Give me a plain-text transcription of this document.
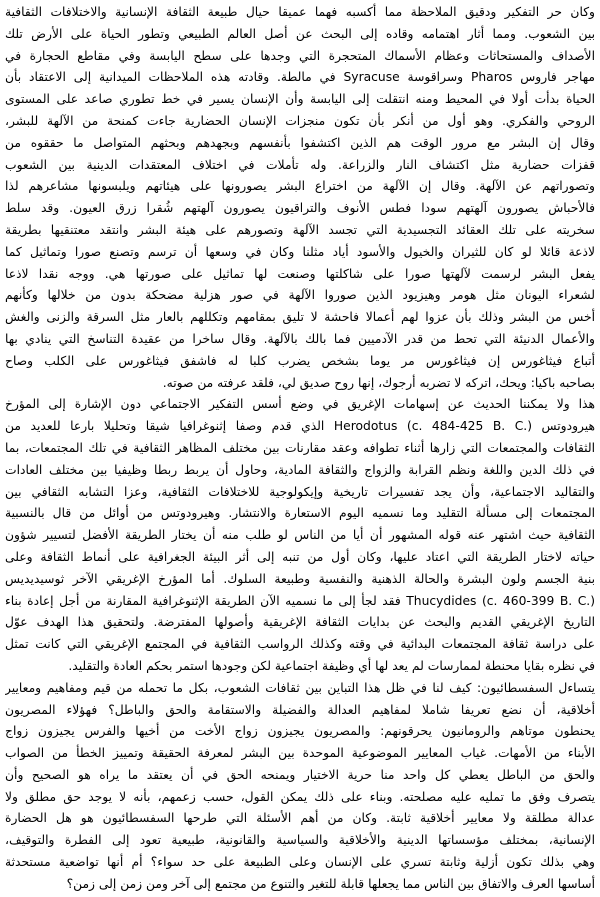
وكان حر التفكير ودقيق الملاحظة مما أكسبه فهما عميقا حيال طبيعة الثقافة الإنسانية والاختلافات الثقافية
بين الشعوب. ومما أثار اهتمامه وقاده إلى البحث عن أصل العالم الطبيعي وتطور الحياة على الأرض تلك
الأصداف والمستحاثات وعظام الأسماك المتحجرة التي وجدها على سطح اليابسة وفي مقاطع الحجارة في
مهاجر فاروس Pharos وسراقوسة Syracuse في مالطة. وقادته هذه الملاحظات الميدانية إلى الاعتقاد بأن
الحياة بدأت أولا في المحيط ومنه انتقلت إلى اليابسة وأن الإنسان يسير في خط تطوري صاعد على المستوى
الروحي والفكري. وهو أول من أنكر بأن تكون منجزات الإنسان الحضارية جاءت كمنحة من الآلهة للبشر،
وقال إن البشر مع مرور الوقت هم الذين اكتشفوا بأنفسهم وبجهدهم وبحثهم المتواصل ما حققوه من
قفزات حضارية مثل اكتشاف النار والزراعة. وله تأملات في اختلاف المعتقدات الدينية بين الشعوب
وتصوراتهم عن الآلهة. وقال إن الآلهة من اختراع البشر يصورونها على هيئاتهم ويلبسونها مشاعرهم لذا
فالأحباش يصورون آلهتهم سودا فطس الأنوف والتراقيون يصورون آلهتهم شُقرا زرق العيون. وقد سلط
سخريته على تلك العقائد التجسيدية التي تجسد الآلهة وتصورهم على هيئة البشر وانتقد معتنقيها بطريقة
لاذعة قائلا لو كان للثيران والخيول والأسود أياد مثلنا وكان في وسعها أن ترسم وتصنع صورا وتماثيل كما
يفعل البشر لرسمت لآلهتها صورا على شاكلتها وصنعت لها تماثيل على صورتها هي. ووجه نقدا لاذعا
لشعراء اليونان مثل هومر وهيزيود الذين صوروا الآلهة في صور هزلية مضحكة بدون من خلالها وكأنهم
أخس من البشر وذلك بأن عزوا لهم أعمالا فاحشة لا تليق بمقامهم وتكللهم بالعار مثل السرقة والزنى والغش
والأعمال الدنيئة التي تحط من قدر الآدميين فما بالك بالآلهة. وقال ساخرا من عقيدة التناسخ التي ينادي بها
أتباع فيثاغورس إن فيثاغورس مر يوما بشخص يضرب كلبا له فاشفق فيثاغورس على الكلب وصاح
بصاحبه باكيا: ويحك، اتركه لا تضربه أرجوك، إنها روح صديق لي، فلقد عرفته من صوته.
هذا ولا يمكننا الحديث عن إسهامات الإغريق في وضع أسس التفكير الاجتماعي دون الإشارة إلى المؤرخ
هيرودوتس Herodotus (c. 484-425 B. C.) الذي قدم وصفا إثنوغرافيا شيقا وتحليلا بارعا للعديد من
الثقافات والمجتمعات التي زارها أثناء تطوافه وعقد مقارنات بين مختلف المظاهر الثقافية في تلك المجتمعات، بما
في ذلك الدين واللغة ونظم القرابة والزواج والثقافة المادية، وحاول أن يربط ربطا وظيفيا بين مختلف العادات
والتقاليد الاجتماعية، وأن يجد تفسيرات تاريخية وإيكولوجية للاختلافات الثقافية، وعزا التشابه الثقافي بين
المجتمعات إلى مسألة التقليد وما نسميه اليوم الاستعارة والانتشار. وهيرودوتس من أوائل من قال بالنسبية
الثقافية حيث اشتهر عنه قوله المشهور أن أيا من الناس لو طلب منه أن يختار الطريقة الأفضل لتسيير شؤون
حياته لاختار الطريقة التي اعتاد عليها، وكان أول من تنبه إلى أثر البيئة الجغرافية على أنماط الثقافة وعلى
بنية الجسم ولون البشرة والحالة الذهنية والنفسية وطبيعة السلوك. أما المؤرخ الإغريقي الآخر ثوسيديديس
Thucydides (c. 460-399 B. C.) فقد لجأ إلى ما نسميه الآن الطريقة الإثنوغرافية المقارنة من أجل إعادة بناء
التاريخ الإغريقي القديم والبحث عن بدايات الثقافة الإغريقية وأصولها المفترضة. ولتحقيق هذا الهدف عوّل
على دراسة ثقافة المجتمعات البدائية في وقته وكذلك الرواسب الثقافية في المجتمع الإغريقي التي كانت تمثل
في نظره بقايا محنطة لممارسات لم يعد لها أي وظيفة اجتماعية لكن وجودها استمر بحكم العادة والتقليد.
يتساءل السفسطائيون: كيف لنا في ظل هذا التباين بين ثقافات الشعوب، بكل ما تحمله من قيم ومفاهيم ومعايير
أخلاقية، أن نضع تعريفا شاملا لمفاهيم العدالة والفضيلة والاستقامة والحق والباطل؟ فهؤلاء المصريون
يحنطون موتاهم والرومانيون يحرقونهم: والمصريون يجيزون زواج الأخت من أخيها والفرس يجيزون زواج
الأبناء من الأمهات. غياب المعايير الموضوعية الموحدة بين البشر لمعرفة الحقيقة وتمييز الخطأ من الصواب
والحق من الباطل يعطي كل واحد منا حرية الاختيار ويمنحه الحق في أن يعتقد ما يراه هو الصحيح وأن
يتصرف وفق ما تمليه عليه مصلحته. وبناء على ذلك يمكن القول، حسب زعمهم، بأنه لا يوجد حق مطلق ولا
عدالة مطلقة ولا معايير أخلاقية ثابتة. وكان من أهم الأسئلة التي طرحها السفسطائيون هو هل الحضارة
الإنسانية، بمختلف مؤسساتها الدينية والأخلاقية والسياسية والقانونية، طبيعية تعود إلى الفطرة والتوقيف،
وهي بذلك تكون أزلية وثابتة تسري على الإنسان وعلى الطبيعة على حد سواء؟ أم أنها تواضعية مستحدثة
أساسها العرف والاتفاق بين الناس مما يجعلها قابلة للتغير والتنوع من مجتمع إلى آخر ومن زمن إلى زمن؟
